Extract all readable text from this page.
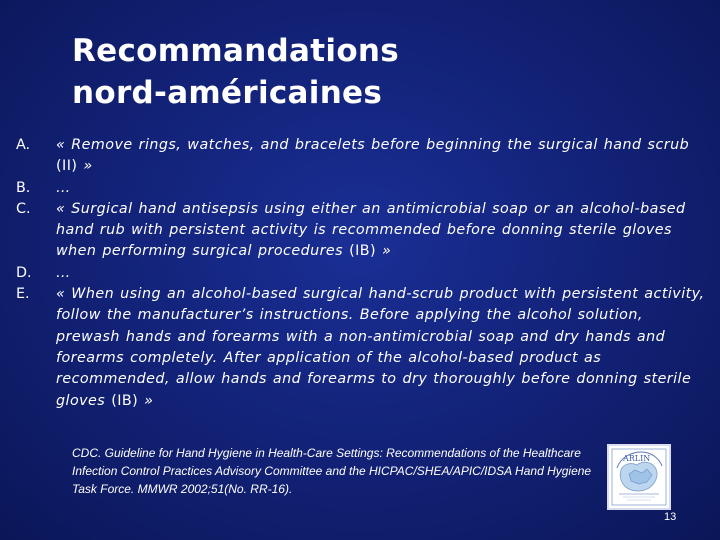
Recommandations
nord-américaines
A.	« Remove rings, watches, and bracelets before beginning the surgical hand scrub (II) »
B.	…
C.	« Surgical hand antisepsis using either an antimicrobial soap or an alcohol-based hand rub with persistent activity is recommended before donning sterile gloves when performing surgical procedures (IB) »
D.	…
E.	« When using an alcohol-based surgical hand-scrub product with persistent activity, follow the manufacturer’s instructions. Before applying the alcohol solution, prewash hands and forearms with a non-antimicrobial soap and dry hands and forearms completely. After application of the alcohol-based product as recommended, allow hands and forearms to dry thoroughly before donning sterile gloves (IB) »
CDC. Guideline for Hand Hygiene in Health-Care Settings: Recommendations of the Healthcare Infection Control Practices Advisory Committee and the HICPAC/SHEA/APIC/IDSA Hand Hygiene Task Force. MMWR 2002;51(No. RR-16).
ARLIN
13
